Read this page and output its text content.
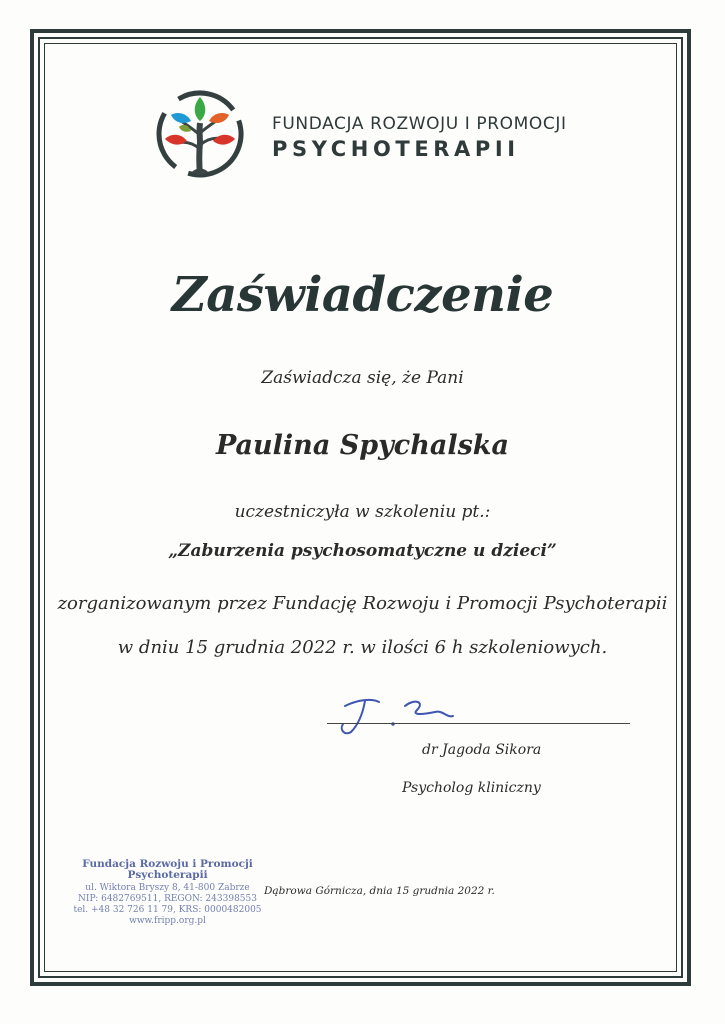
FUNDACJA ROZWOJU I PROMOCJI
PSYCHOTERAPII
Zaświadczenie
Zaświadcza się, że Pani
Paulina Spychalska
uczestniczyła w szkoleniu pt.:
„Zaburzenia psychosomatyczne u dzieci”
zorganizowanym przez Fundację Rozwoju i Promocji Psychoterapii
w dniu 15 grudnia 2022 r. w ilości 6 h szkoleniowych.
dr Jagoda Sikora
Psycholog kliniczny
Fundacja Rozwoju i Promocji Psychoterapii
ul. Wiktora Bryszy 8, 41-800 Zabrze
NIP: 6482769511, REGON: 243398553
tel. +48 32 726 11 79, KRS: 0000482005
www.fripp.org.pl
Dąbrowa Górnicza, dnia 15 grudnia 2022 r.
